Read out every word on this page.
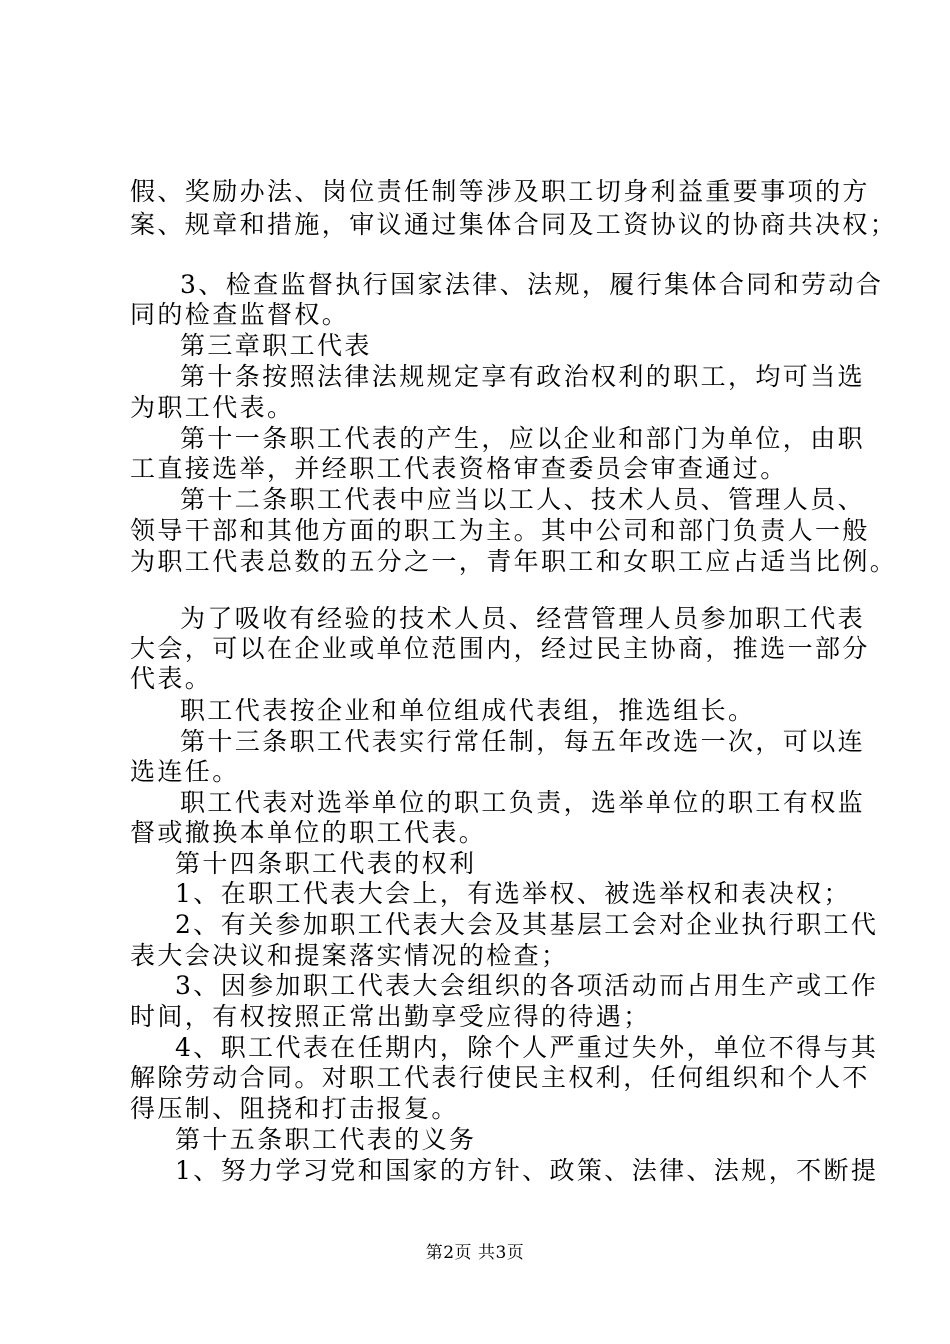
假、奖励办法、岗位责任制等涉及职工切身利益重要事项的方
案、规章和措施，审议通过集体合同及工资协议的协商共决权；
3、检查监督执行国家法律、法规，履行集体合同和劳动合
同的检查监督权。
第三章职工代表
第十条按照法律法规规定享有政治权利的职工，均可当选
为职工代表。
第十一条职工代表的产生，应以企业和部门为单位，由职
工直接选举，并经职工代表资格审查委员会审查通过。
第十二条职工代表中应当以工人、技术人员、管理人员、
领导干部和其他方面的职工为主。其中公司和部门负责人一般
为职工代表总数的五分之一，青年职工和女职工应占适当比例。
为了吸收有经验的技术人员、经营管理人员参加职工代表
大会，可以在企业或单位范围内，经过民主协商，推选一部分
代表。
职工代表按企业和单位组成代表组，推选组长。
第十三条职工代表实行常任制，每五年改选一次，可以连
选连任。
职工代表对选举单位的职工负责，选举单位的职工有权监
督或撤换本单位的职工代表。
第十四条职工代表的权利
1、在职工代表大会上，有选举权、被选举权和表决权；
2、有关参加职工代表大会及其基层工会对企业执行职工代
表大会决议和提案落实情况的检查；
3、因参加职工代表大会组织的各项活动而占用生产或工作
时间，有权按照正常出勤享受应得的待遇；
4、职工代表在任期内，除个人严重过失外，单位不得与其
解除劳动合同。对职工代表行使民主权利，任何组织和个人不
得压制、阻挠和打击报复。
第十五条职工代表的义务
1、努力学习党和国家的方针、政策、法律、法规，不断提
第2页 共3页
